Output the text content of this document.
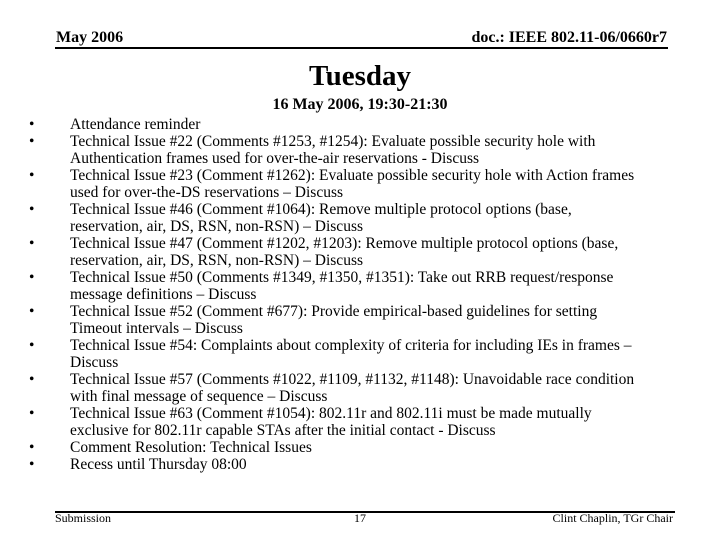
May 2006	doc.: IEEE 802.11-06/0660r7
Tuesday
16 May 2006, 19:30-21:30
• Attendance reminder
• Technical Issue #22 (Comments #1253, #1254): Evaluate possible security hole with
Authentication frames used for over-the-air reservations - Discuss
• Technical Issue #23 (Comment #1262): Evaluate possible security hole with Action frames
used for over-the-DS reservations – Discuss
• Technical Issue #46 (Comment #1064): Remove multiple protocol options (base,
reservation, air, DS, RSN, non-RSN) – Discuss
• Technical Issue #47 (Comment #1202, #1203): Remove multiple protocol options (base,
reservation, air, DS, RSN, non-RSN) – Discuss
• Technical Issue #50 (Comments #1349, #1350, #1351): Take out RRB request/response
message definitions – Discuss
• Technical Issue #52 (Comment #677): Provide empirical-based guidelines for setting
Timeout intervals – Discuss
• Technical Issue #54: Complaints about complexity of criteria for including IEs in frames –
Discuss
• Technical Issue #57 (Comments #1022, #1109, #1132, #1148): Unavoidable race condition
with final message of sequence – Discuss
• Technical Issue #63 (Comment #1054): 802.11r and 802.11i must be made mutually
exclusive for 802.11r capable STAs after the initial contact - Discuss
• Comment Resolution: Technical Issues
• Recess until Thursday 08:00
Submission	17	Clint Chaplin, TGr Chair
